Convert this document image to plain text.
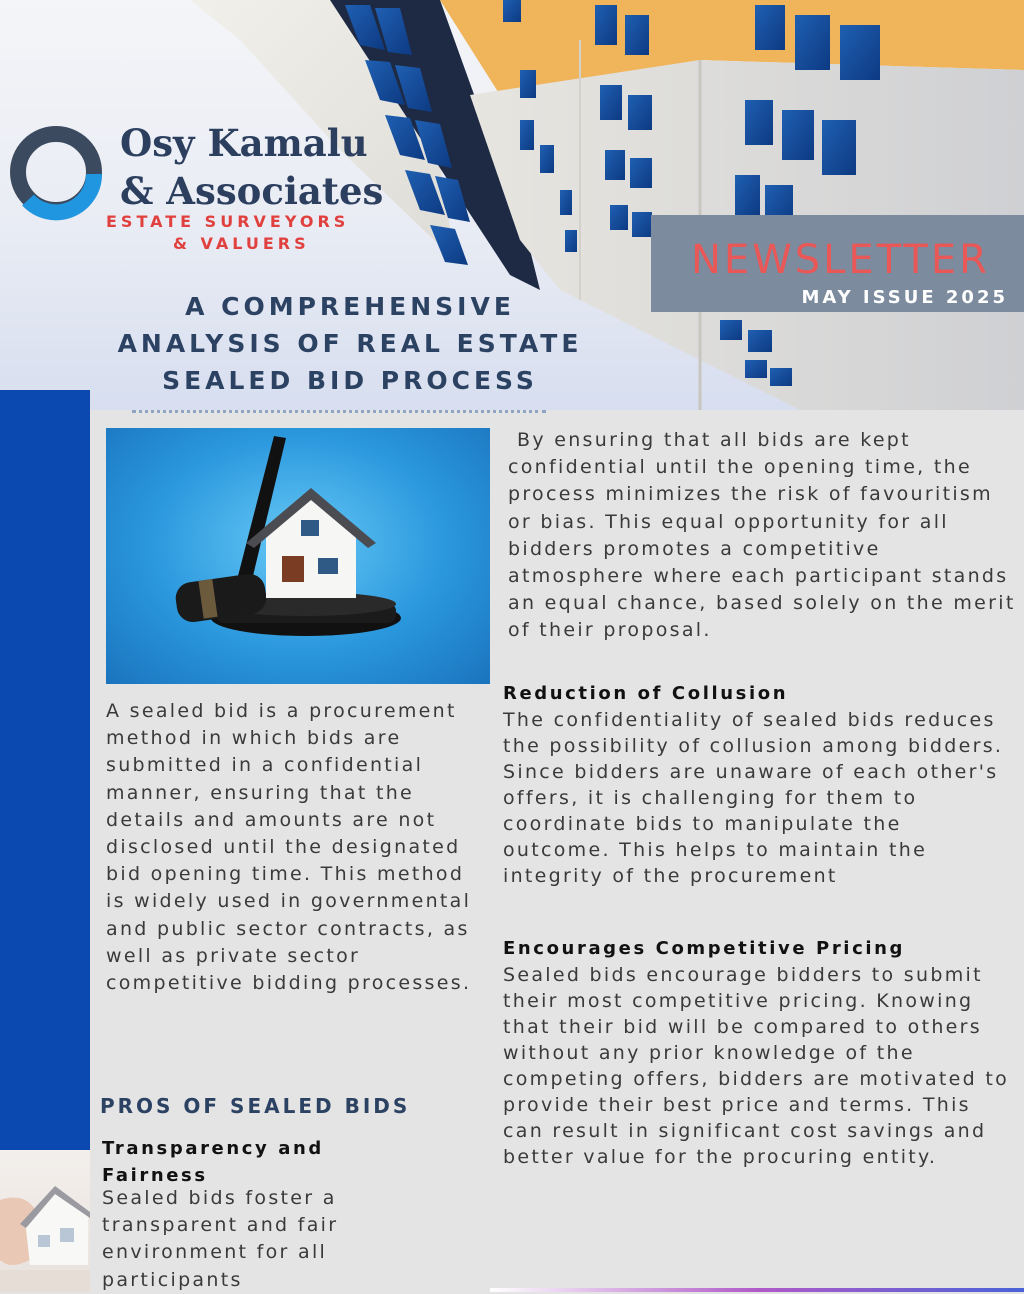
Osy Kamalu
& Associates
ESTATE SURVEYORS
& VALUERS	NEWSLETTER
MAY ISSUE 2025
A COMPREHENSIVE
ANALYSIS OF REAL ESTATE
SEALED BID PROCESS
A sealed bid is a procurement method in which bids are submitted in a confidential manner, ensuring that the details and amounts are not disclosed until the designated bid opening time. This method is widely used in governmental and public sector contracts, as well as private sector competitive bidding processes.
PROS OF SEALED BIDS
Transparency and
Fairness
Sealed bids foster a transparent and fair environment for all participants
By ensuring that all bids are kept confidential until the opening time, the process minimizes the risk of favouritism or bias. This equal opportunity for all bidders promotes a competitive atmosphere where each participant stands an equal chance, based solely on the merit of their proposal.
Reduction of Collusion
The confidentiality of sealed bids reduces the possibility of collusion among bidders. Since bidders are unaware of each other's offers, it is challenging for them to coordinate bids to manipulate the outcome. This helps to maintain the integrity of the procurement
Encourages Competitive Pricing
Sealed bids encourage bidders to submit their most competitive pricing. Knowing that their bid will be compared to others without any prior knowledge of the competing offers, bidders are motivated to provide their best price and terms. This can result in significant cost savings and better value for the procuring entity.
